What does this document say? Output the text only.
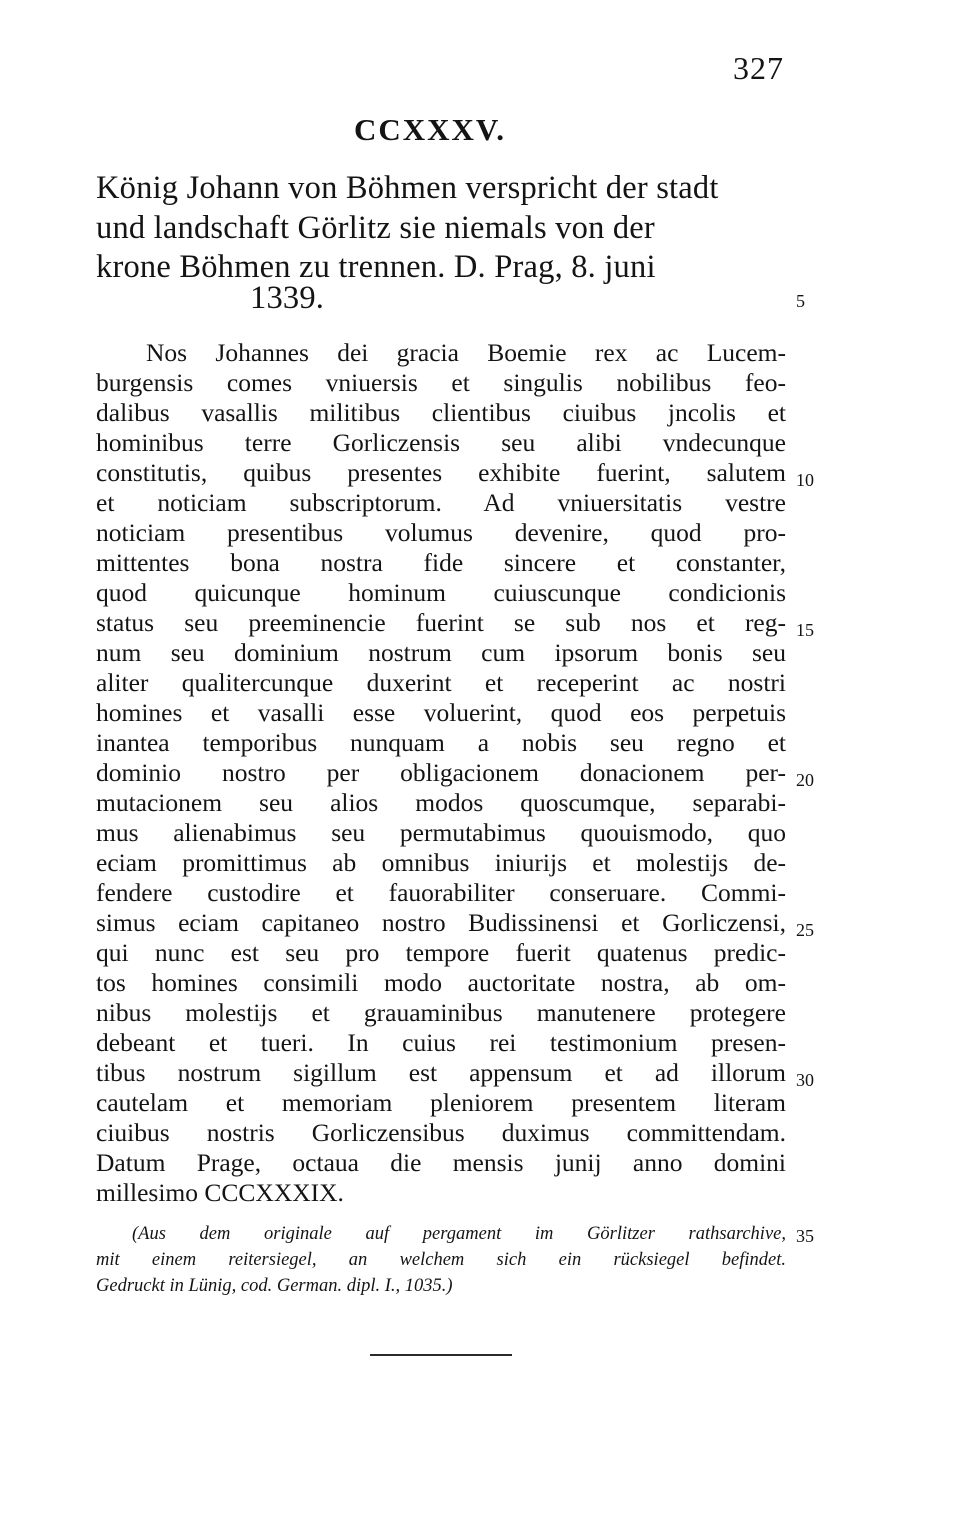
327
CCXXXV.
König Johann von Böhmen verspricht der stadt
und landschaft Görlitz sie niemals von der
krone Böhmen zu trennen. D. Prag, 8. juni
1339.	5
10
15
20
25
30
35
Nos Johannes dei gracia Boemie rex ac Lucem-
burgensis comes vniuersis et singulis nobilibus feo-
dalibus vasallis militibus clientibus ciuibus jncolis et
hominibus terre Gorliczensis seu alibi vndecunque
constitutis, quibus presentes exhibite fuerint, salutem
et noticiam subscriptorum. Ad vniuersitatis vestre
noticiam presentibus volumus devenire, quod pro-
mittentes bona nostra fide sincere et constanter,
quod quicunque hominum cuiuscunque condicionis
status seu preeminencie fuerint se sub nos et reg-
num seu dominium nostrum cum ipsorum bonis seu
aliter qualitercunque duxerint et receperint ac nostri
homines et vasalli esse voluerint, quod eos perpetuis
inantea temporibus nunquam a nobis seu regno et
dominio nostro per obligacionem donacionem per-
mutacionem seu alios modos quoscumque, separabi-
mus alienabimus seu permutabimus quouismodo, quo
eciam promittimus ab omnibus iniurijs et molestijs de-
fendere custodire et fauorabiliter conseruare. Commi-
simus eciam capitaneo nostro Budissinensi et Gorliczensi,
qui nunc est seu pro tempore fuerit quatenus predic-
tos homines consimili modo auctoritate nostra, ab om-
nibus molestijs et grauaminibus manutenere protegere
debeant et tueri. In cuius rei testimonium presen-
tibus nostrum sigillum est appensum et ad illorum
cautelam et memoriam pleniorem presentem literam
ciuibus nostris Gorliczensibus duximus committendam.
Datum Prage, octaua die mensis junij anno domini
millesimo CCCXXXIX.
(Aus dem originale auf pergament im Görlitzer rathsarchive,
mit einem reitersiegel, an welchem sich ein rücksiegel befindet.
Gedruckt in Lünig, cod. German. dipl. I., 1035.)
